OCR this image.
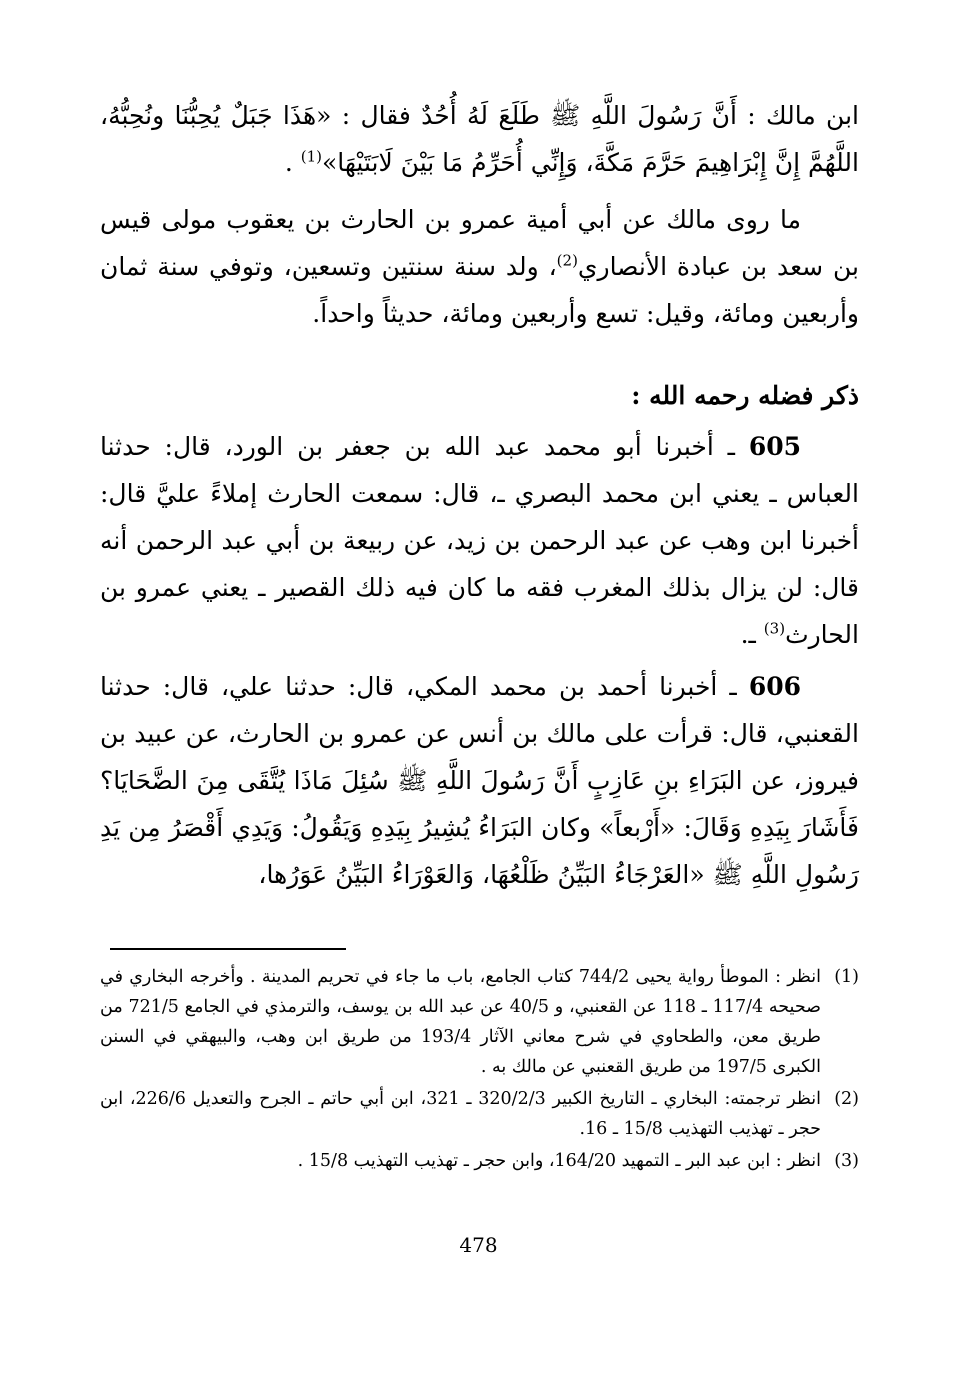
ابن مالك : أَنَّ رَسُولَ اللَّهِ ﷺ طَلَعَ لَهُ أُحُدٌ فقال : «هَذَا جَبَلٌ يُحِبُّنَا ونُحِبُّهُ، اللَّهُمَّ إِنَّ إِبْرَاهِيمَ حَرَّمَ مَكَّةَ، وَإِنِّي أُحَرِّمُ مَا بَيْنَ لَابَتَيْهَا»$^{(1)}$ .

ما روى مالك عن أبي أمية عمرو بن الحارث بن يعقوب مولى قيس بن سعد بن عبادة الأنصاري$^{(2)}$، ولد سنة سنتين وتسعين، وتوفي سنة ثمان وأربعين ومائة، وقيل: تسع وأربعين ومائة، حديثاً واحداً.

ذكر فضله رحمه الله :

605 ـ أخبرنا أبو محمد عبد الله بن جعفر بن الورد، قال: حدثنا العباس ـ يعني ابن محمد البصري ـ، قال: سمعت الحارث إملاءً عليَّ قال: أخبرنا ابن وهب عن عبد الرحمن بن زيد، عن ربيعة بن أبي عبد الرحمن أنه قال: لن يزال بذلك المغرب فقه ما كان فيه ذلك القصير ـ يعني عمرو بن الحارث$^{(3)}$ ـ.

606 ـ أخبرنا أحمد بن محمد المكي، قال: حدثنا علي، قال: حدثنا القعنبي، قال: قرأت على مالك بن أنس عن عمرو بن الحارث، عن عبيد بن فيروز، عن البَرَاءِ بنِ عَازِبٍ أَنَّ رَسُولَ اللَّهِ ﷺ سُئِلَ مَاذَا يُتَّقَى مِنَ الضَّحَايَا؟ فَأَشَارَ بِيَدِهِ وَقَالَ: «أَرْبعاً» وكان البَرَاءُ يُشِيرُ بِيَدِهِ وَيَقُولُ: وَيَدِي أَقْصَرُ مِن يَدِ رَسُولِ اللَّهِ ﷺ «العَرْجَاءُ البَيِّنُ ظَلْعُهَا، وَالعَوْرَاءُ البَيِّنُ عَوَرُها،

(1)
انظر : الموطأ رواية يحيى 744/2 كتاب الجامع، باب ما جاء في تحريم المدينة . وأخرجه البخاري في صحيحه 117/4 ـ 118 عن القعنبي، و 40/5 عن عبد الله بن يوسف، والترمذي في الجامع 721/5 من طريق معن، والطحاوي في شرح معاني الآثار 193/4 من طريق ابن وهب، والبيهقي في السنن الكبرى 197/5 من طريق القعنبي عن مالك به .
(2)
انظر ترجمته: البخاري ـ التاريخ الكبير 320/2/3 ـ 321، ابن أبي حاتم ـ الجرح والتعديل 226/6، ابن حجر ـ تهذيب التهذيب 15/8 ـ 16.
(3)
انظر : ابن عبد البر ـ التمهيد 164/20، وابن حجر ـ تهذيب التهذيب 15/8 .
478
